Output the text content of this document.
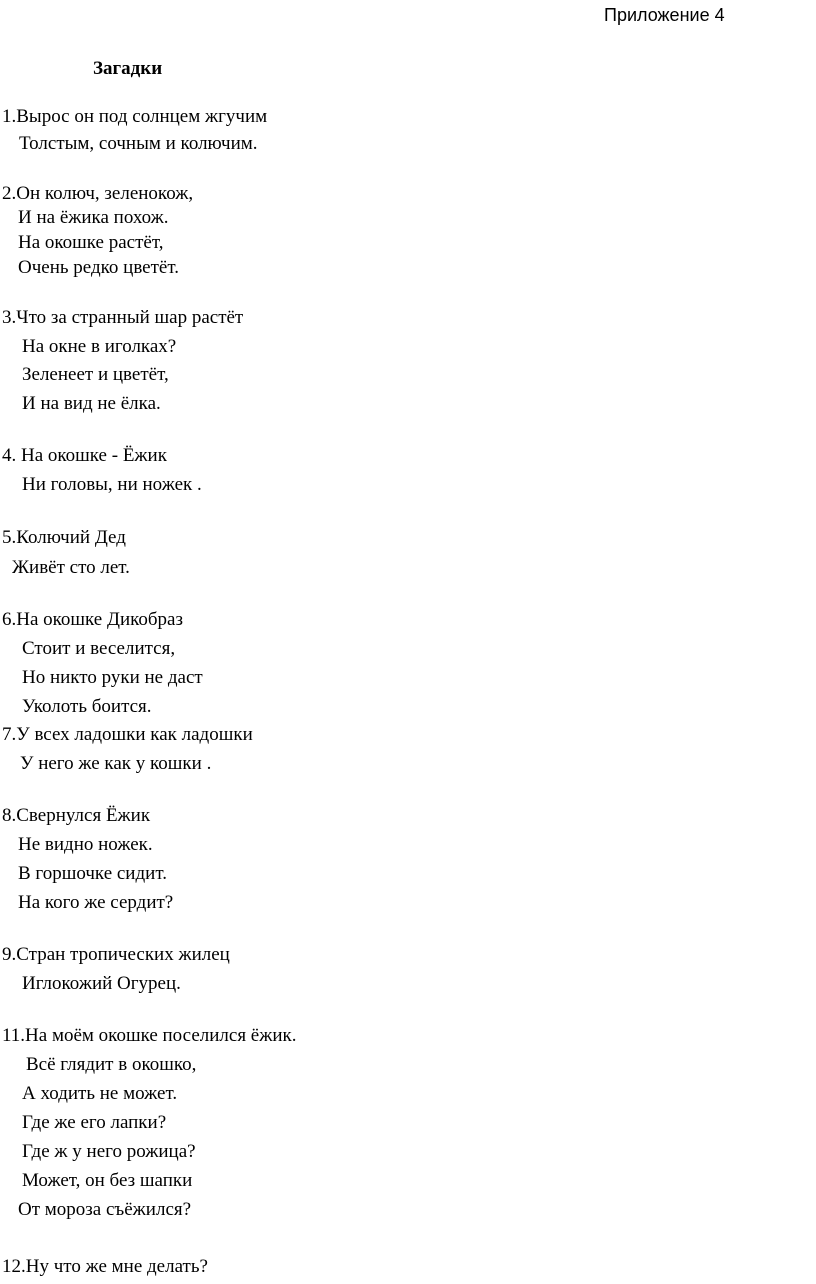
Приложение 4
Загадки
1.Вырос он под солнцем жгучим
Толстым, сочным и колючим.
2.Он колюч, зеленокож,
И на ёжика похож.
На окошке растёт,
Очень редко цветёт.
3.Что за странный шар растёт
На окне в иголках?
Зеленеет и цветёт,
И на вид не ёлка.
4. На окошке - Ёжик
Ни головы, ни ножек .
5.Колючий Дед
Живёт сто лет.
6.На окошке Дикобраз
Стоит и веселится,
Но никто руки не даст
Уколоть боится.
7.У всех ладошки как ладошки
У него же как у кошки .
8.Свернулся Ёжик
Не видно ножек.
В горшочке сидит.
На кого же сердит?
9.Стран тропических жилец
Иглокожий Огурец.
11.На моём окошке поселился ёжик.
Всё глядит в окошко,
А ходить не может.
Где же его лапки?
Где ж у него рожица?
Может, он без шапки
От мороза съёжился?
12.Ну что же мне делать?
